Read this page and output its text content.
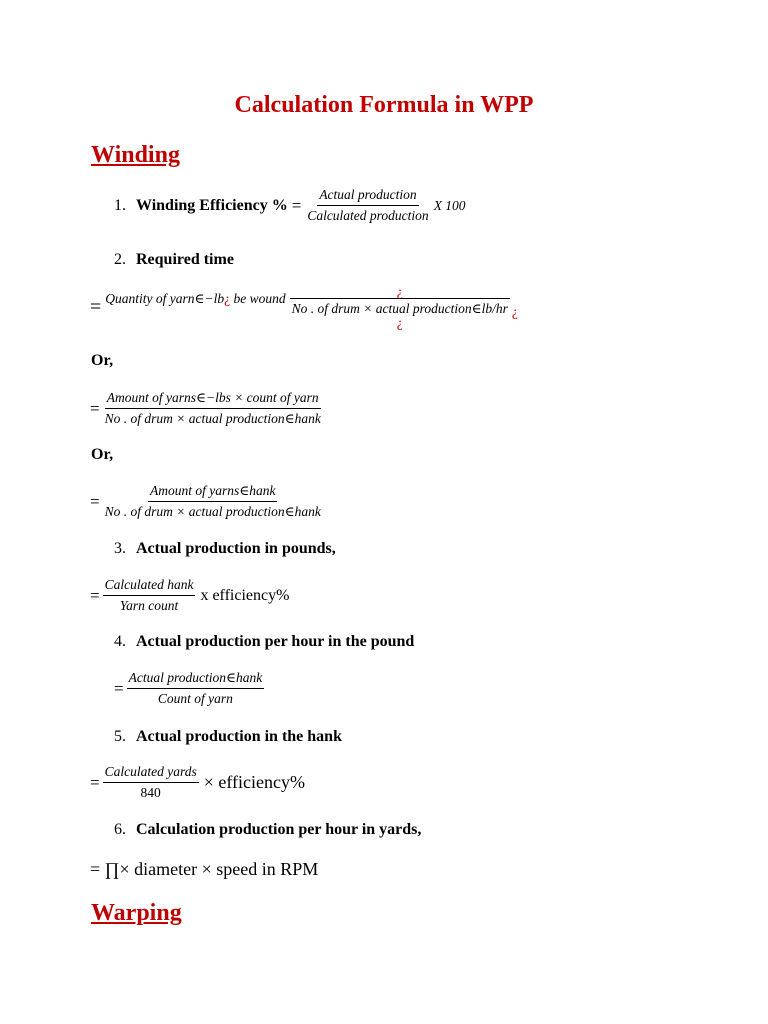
Calculation Formula in WPP
Winding
1. Winding Efficiency % = $\frac{\text{Actual production}}{\text{Calculated production}}$ X 100
2. Required time
= Quantity of yarn∈−lb¿ be wound	¿
No . of drum × actual production∈lb/hr
¿
¿
Or,
= $\frac{\text{Amount of yarns∈−lbs × count of yarn}}{\text{No . of drum × actual production∈hank}}$
Or,
= $\frac{\text{Amount of yarns∈hank}}{\text{No . of drum × actual production∈hank}}$
3. Actual production in pounds,
= $\frac{\text{Calculated hank}}{\text{Yarn count}}$ x efficiency%
4. Actual production per hour in the pound
= $\frac{\text{Actual production∈hank}}{\text{Count of yarn}}$
5. Actual production in the hank
= $\frac{\text{Calculated yards}}{840}$ × efficiency%
6. Calculation production per hour in yards,
= ∏× diameter × speed in RPM
Warping
